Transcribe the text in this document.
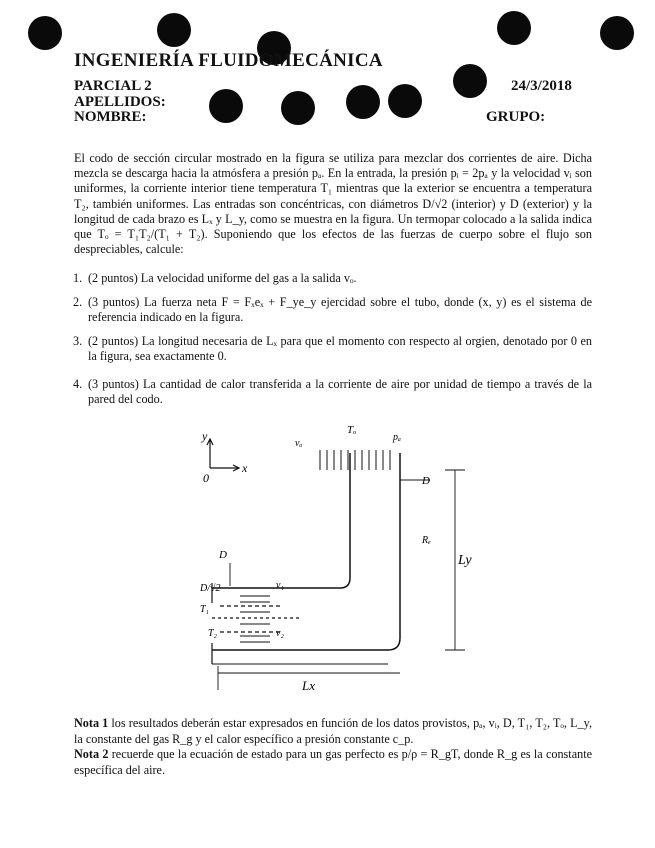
INGENIERÍA FLUIDOMECÁNICA
PARCIAL 2	24/3/2018
APELLIDOS:
NOMBRE:	GRUPO:
El codo de sección circular mostrado en la figura se utiliza para mezclar dos corrientes de aire. Dicha mezcla se descarga hacia la atmósfera a presión pₐ. En la entrada, la presión pᵢ = 2pₐ y la velocidad vᵢ son uniformes, la corriente interior tiene temperatura T₁ mientras que la exterior se encuentra a temperatura T₂, también uniformes. Las entradas son concéntricas, con diámetros D/√2 (interior) y D (exterior) y la longitud de cada brazo es Lₓ y L_y, como se muestra en la figura. Un termopar colocado a la salida indica que Tₒ = T₁T₂/(T₁ + T₂). Suponiendo que los efectos de las fuerzas de cuerpo sobre el flujo son despreciables, calcule:
1. (2 puntos) La velocidad uniforme del gas a la salida vₒ.
2. (3 puntos) La fuerza neta F = Fₓeₓ + F_ye_y ejercidad sobre el tubo, donde (x, y) es el sistema de referencia indicado en la figura.
3. (2 puntos) La longitud necesaria de Lₓ para que el momento con respecto al orgien, denotado por 0 en la figura, sea exactamente 0.
4. (3 puntos) La cantidad de calor transferida a la corriente de aire por unidad de tiempo a través de la pared del codo.
y
x
0
Tₒ
vₒ
pₐ
D
D
D/√2	v₁
v₂
T₁
T₂
Rₑ
Ly
Lx
Nota 1 los resultados deberán estar expresados en función de los datos provistos, pₐ, vᵢ, D, T₁, T₂, Tₒ, L_y, la constante del gas R_g y el calor específico a presión constante c_p.
Nota 2 recuerde que la ecuación de estado para un gas perfecto es p/ρ = R_gT, donde R_g es la constante específica del aire.
